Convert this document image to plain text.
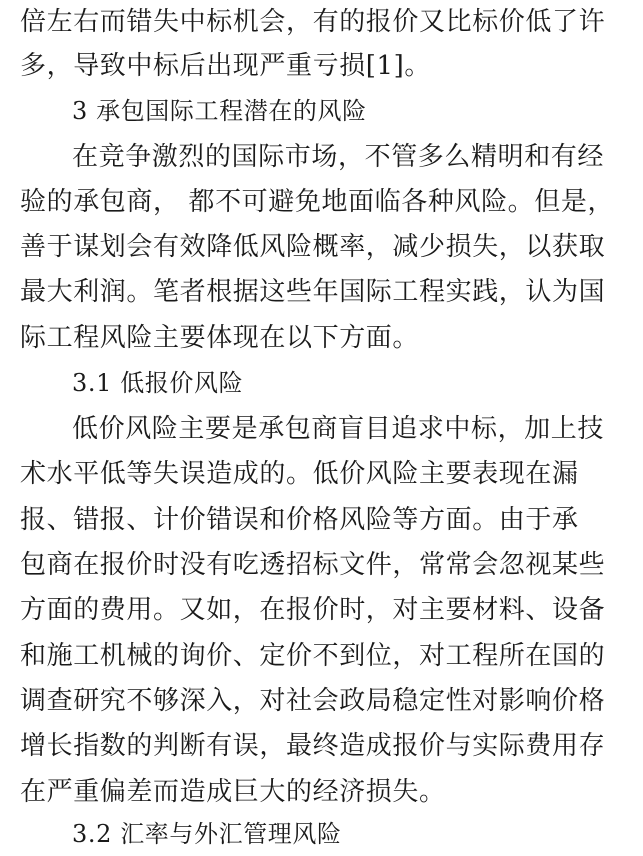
倍左右而错失中标机会，有的报价又比标价低了许
多，导致中标后出现严重亏损[1]。
3 承包国际工程潜在的风险
在竞争激烈的国际市场，不管多么精明和有经
验的承包商， 都不可避免地面临各种风险。但是，
善于谋划会有效降低风险概率，减少损失，以获取
最大利润。笔者根据这些年国际工程实践，认为国
际工程风险主要体现在以下方面。
3.1 低报价风险
低价风险主要是承包商盲目追求中标，加上技
术水平低等失误造成的。低价风险主要表现在漏
报、错报、计价错误和价格风险等方面。由于承
包商在报价时没有吃透招标文件，常常会忽视某些
方面的费用。又如，在报价时，对主要材料、设备
和施工机械的询价、定价不到位，对工程所在国的
调查研究不够深入，对社会政局稳定性对影响价格
增长指数的判断有误，最终造成报价与实际费用存
在严重偏差而造成巨大的经济损失。
3.2 汇率与外汇管理风险
